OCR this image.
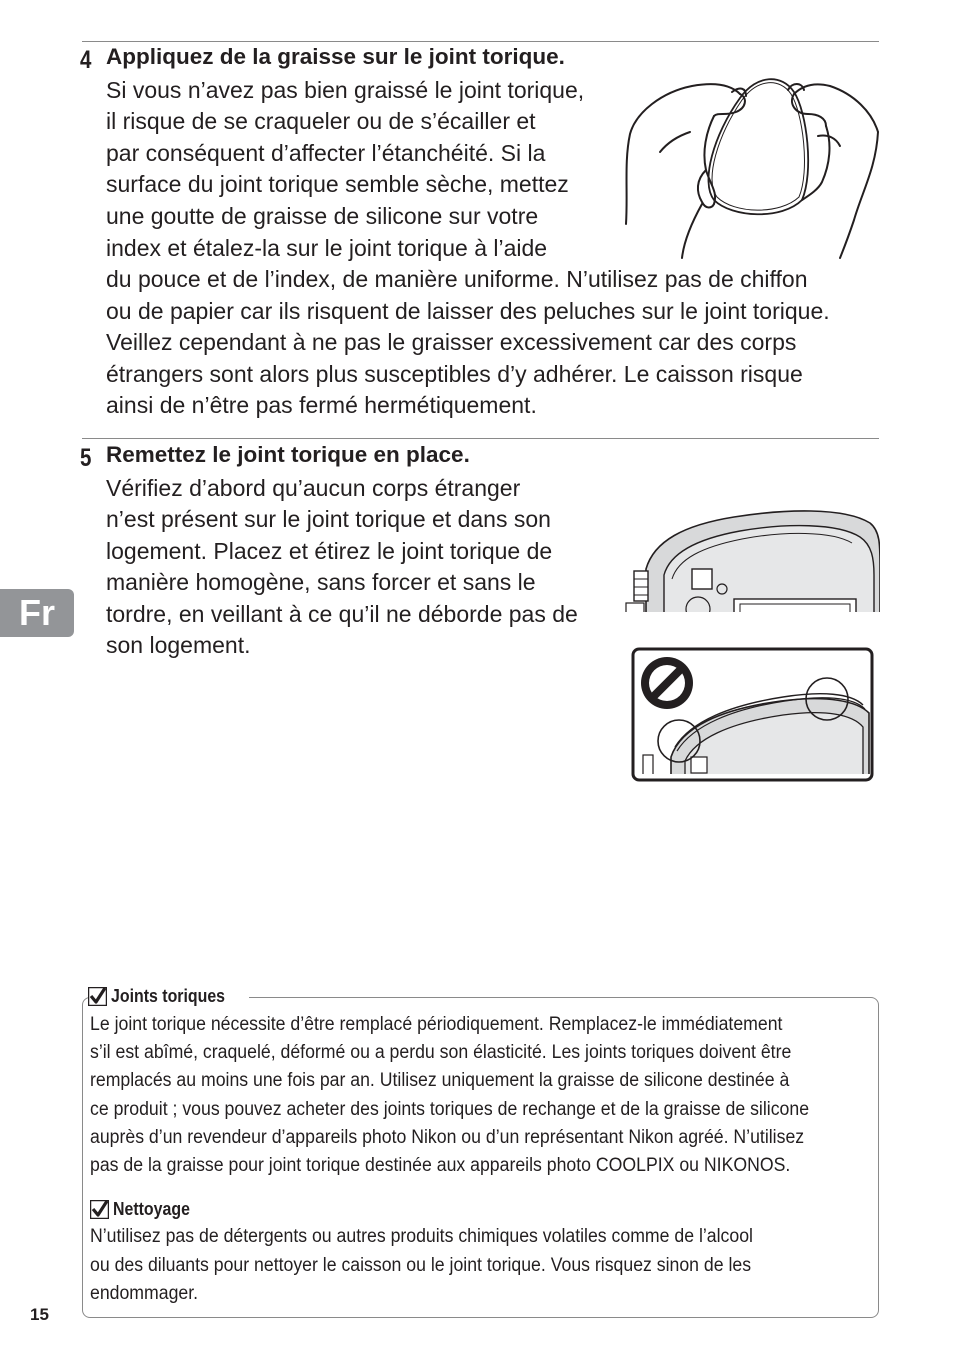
4 Appliquez de la graisse sur le joint torique.
Si vous n’avez pas bien graissé le joint torique,
il risque de se craqueler ou de s’écailler et
par conséquent d’affecter l’étanchéité. Si la
surface du joint torique semble sèche, mettez
une goutte de graisse de silicone sur votre
index et étalez-la sur le joint torique à l’aide
du pouce et de l’index, de manière uniforme. N’utilisez pas de chiffon
ou de papier car ils risquent de laisser des peluches sur le joint torique.
Veillez cependant à ne pas le graisser excessivement car des corps
étrangers sont alors plus susceptibles d’y adhérer. Le caisson risque
ainsi de n’être pas fermé hermétiquement.
5 Remettez le joint torique en place.
Vérifiez d’abord qu’aucun corps étranger
n’est présent sur le joint torique et dans son
logement. Placez et étirez le joint torique de
manière homogène, sans forcer et sans le
tordre, en veillant à ce qu’il ne déborde pas de
son logement.
Fr
Joints toriques
Le joint torique nécessite d’être remplacé périodiquement. Remplacez-le immédiatement
s’il est abîmé, craquelé, déformé ou a perdu son élasticité. Les joints toriques doivent être
remplacés au moins une fois par an. Utilisez uniquement la graisse de silicone destinée à
ce produit ; vous pouvez acheter des joints toriques de rechange et de la graisse de silicone
auprès d’un revendeur d’appareils photo Nikon ou d’un représentant Nikon agréé. N’utilisez
pas de la graisse pour joint torique destinée aux appareils photo COOLPIX ou NIKONOS.
Nettoyage
N’utilisez pas de détergents ou autres produits chimiques volatiles comme de l’alcool
ou des diluants pour nettoyer le caisson ou le joint torique. Vous risquez sinon de les
endommager.
15
